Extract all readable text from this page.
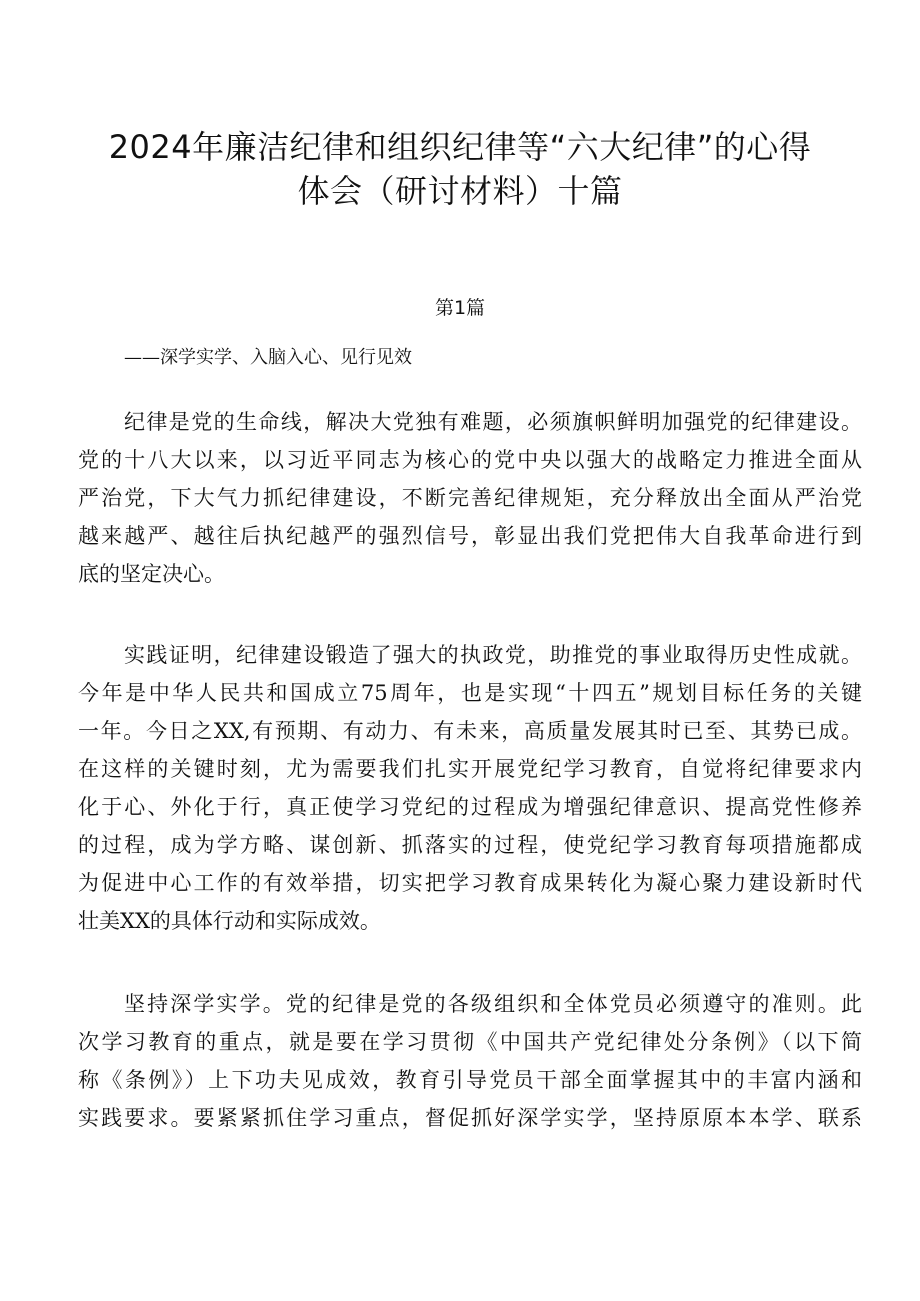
2024年廉洁纪律和组织纪律等“六大纪律”的心得
体会（研讨材料）十篇

第1篇

——深学实学、入脑入心、见行见效

纪律是党的生命线，解决大党独有难题，必须旗帜鲜明加强党的纪律建设。
党的十八大以来，以习近平同志为核心的党中央以强大的战略定力推进全面从
严治党，下大气力抓纪律建设，不断完善纪律规矩，充分释放出全面从严治党
越来越严、越往后执纪越严的强烈信号，彰显出我们党把伟大自我革命进行到
底的坚定决心。
实践证明，纪律建设锻造了强大的执政党，助推党的事业取得历史性成就。
今年是中华人民共和国成立75周年，也是实现“十四五”规划目标任务的关键
一年。今日之XX,有预期、有动力、有未来，高质量发展其时已至、其势已成。
在这样的关键时刻，尤为需要我们扎实开展党纪学习教育，自觉将纪律要求内
化于心、外化于行，真正使学习党纪的过程成为增强纪律意识、提高党性修养
的过程，成为学方略、谋创新、抓落实的过程，使党纪学习教育每项措施都成
为促进中心工作的有效举措，切实把学习教育成果转化为凝心聚力建设新时代
壮美XX的具体行动和实际成效。
坚持深学实学。党的纪律是党的各级组织和全体党员必须遵守的准则。此
次学习教育的重点，就是要在学习贯彻《中国共产党纪律处分条例》（以下简
称《条例》）上下功夫见成效，教育引导党员干部全面掌握其中的丰富内涵和
实践要求。要紧紧抓住学习重点，督促抓好深学实学，坚持原原本本学、联系
